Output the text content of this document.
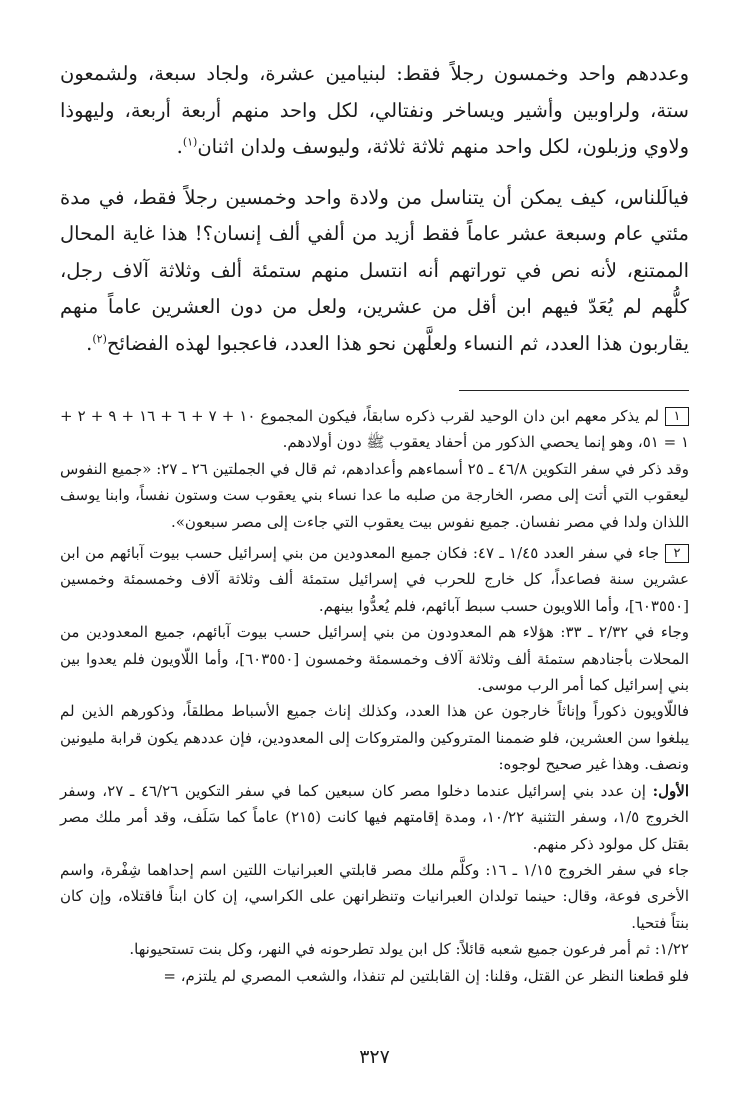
وعددهم واحد وخمسون رجلاً فقط: لبنيامين عشرة، ولجاد سبعة، ولشمعون ستة، ولراوبين وأشير ويساخر ونفتالي، لكل واحد منهم أربعة أربعة، وليهوذا ولاوي وزبلون، لكل واحد منهم ثلاثة ثلاثة، وليوسف ولدان اثنان$^{(١)}$.

فيالَلناس، كيف يمكن أن يتناسل من ولادة واحد وخمسين رجلاً فقط، في مدة مئتي عام وسبعة عشر عاماً فقط أزيد من ألفي ألف إنسان؟! هذا غاية المحال الممتنع، لأنه نص في توراتهم أنه انتسل منهم ستمئة ألف وثلاثة آلاف رجل، كلُّهم لم يُعَدّ فيهم ابن أقل من عشرين، ولعل من دون العشرين عاماً منهم يقاربون هذا العدد، ثم النساء ولعلَّهن نحو هذا العدد، فاعجبوا لهذه الفضائح$^{(٢)}$.

١لم يذكر معهم ابن دان الوحيد لقرب ذكره سابقاً، فيكون المجموع ١٠ + ٧ + ٦ + ١٦ + ٩ + ٢ + ١ = ٥١، وهو إنما يحصي الذكور من أحفاد يعقوب ﷺ دون أولادهم.

وقد ذكر في سفر التكوين ٤٦/٨ ـ ٢٥ أسماءهم وأعدادهم، ثم قال في الجملتين ٢٦ ـ ٢٧: «جميع النفوس ليعقوب التي أتت إلى مصر، الخارجة من صلبه ما عدا نساء بني يعقوب ست وستون نفساً، وابنا يوسف اللذان ولدا في مصر نفسان. جميع نفوس بيت يعقوب التي جاءت إلى مصر سبعون».

٢جاء في سفر العدد ١/٤٥ ـ ٤٧: فكان جميع المعدودين من بني إسرائيل حسب بيوت آبائهم من ابن عشرين سنة فصاعداً، كل خارج للحرب في إسرائيل ستمئة ألف وثلاثة آلاف وخمسمئة وخمسين [٦٠٣٥٥٠]، وأما اللاويون حسب سبط آبائهم، فلم يُعدُّوا بينهم.

وجاء في ٢/٣٢ ـ ٣٣: هؤلاء هم المعدودون من بني إسرائيل حسب بيوت آبائهم، جميع المعدودين من المحلات بأجنادهم ستمئة ألف وثلاثة آلاف وخمسمئة وخمسون [٦٠٣٥٥٠]، وأما اللّاويون فلم يعدوا بين بني إسرائيل كما أمر الرب موسى.

فاللّاويون ذكوراً وإناثاً خارجون عن هذا العدد، وكذلك إناث جميع الأسباط مطلقاً، وذكورهم الذين لم يبلغوا سن العشرين، فلو ضممنا المتروكين والمتروكات إلى المعدودين، فإن عددهم يكون قرابة مليونين ونصف. وهذا غير صحيح لوجوه:

الأول: إن عدد بني إسرائيل عندما دخلوا مصر كان سبعين كما في سفر التكوين ٤٦/٢٦ ـ ٢٧، وسفر الخروج ١/٥، وسفر التثنية ١٠/٢٢، ومدة إقامتهم فيها كانت (٢١٥) عاماً كما سَلَف، وقد أمر ملك مصر بقتل كل مولود ذكر منهم.

جاء في سفر الخروج ١/١٥ ـ ١٦: وكلَّم ملك مصر قابلتي العبرانيات اللتين اسم إحداهما شِفْرة، واسم الأخرى فوعة، وقال: حينما تولدان العبرانيات وتنظرانهن على الكراسي، إن كان ابناً فاقتلاه، وإن كان بنتاً فتحيا.

١/٢٢: ثم أمر فرعون جميع شعبه قائلاً: كل ابن يولد تطرحونه في النهر، وكل بنت تستحيونها.

فلو قطعنا النظر عن القتل، وقلنا: إن القابلتين لم تنفذا، والشعب المصري لم يلتزم، =

٣٢٧
